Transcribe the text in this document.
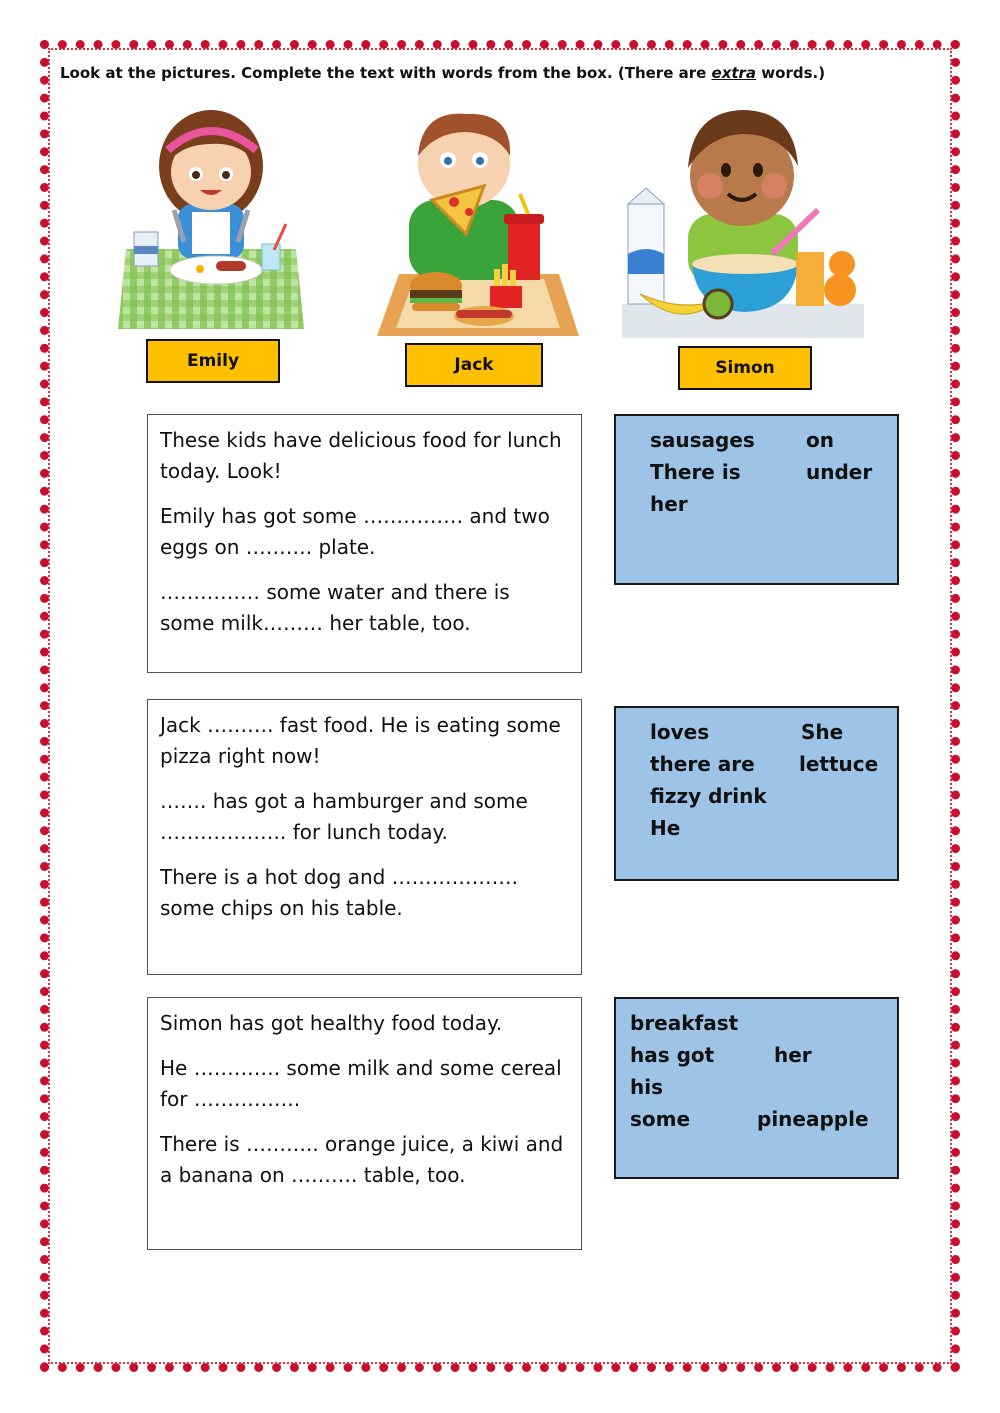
Look at the pictures. Complete the text with words from the box. (There are extra words.)
Emily	Jack	Simon

These kids have delicious food for lunch today. Look!

Emily has got some …………… and two eggs on ………. plate.

…………… some water and there is some milk……… her table, too.

sausages	on
There is	under
her

Jack ………. fast food. He is eating some pizza right now!

……. has got a hamburger and some ………………. for lunch today.

There is a hot dog and ………………. some chips on his table.

loves	She
there are lettuce
fizzy drink
He

Simon has got healthy food today.

He …………. some milk and some cereal for …………….

There is ……….. orange juice, a kiwi and a banana on ………. table, too.

breakfast
has got	her
his
some	pineapple
